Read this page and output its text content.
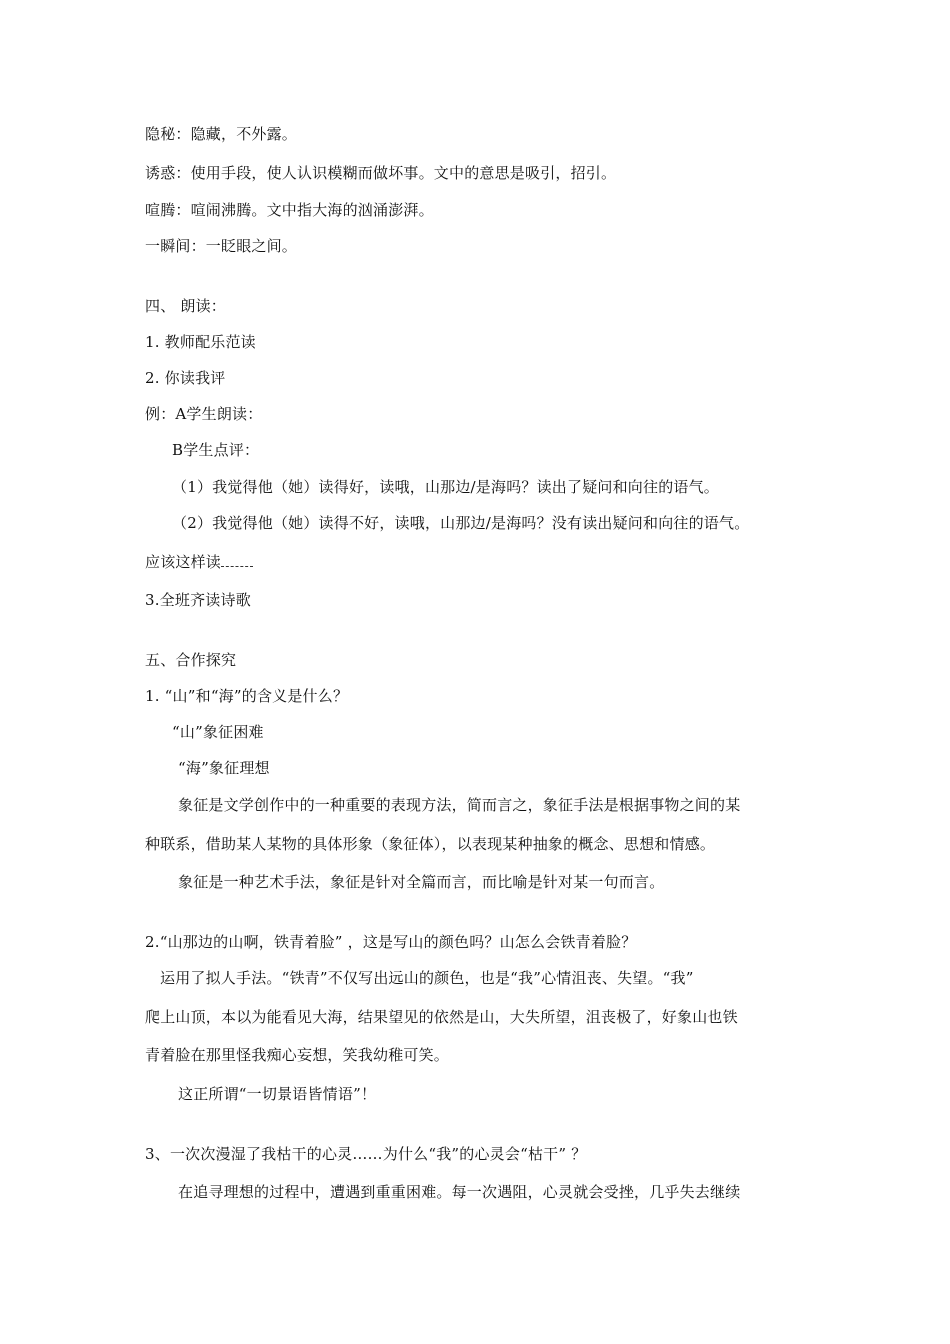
隐秘：隐藏，不外露。
诱惑：使用手段，使人认识模糊而做坏事。文中的意思是吸引，招引。
喧腾：喧闹沸腾。文中指大海的汹涌澎湃。
一瞬间：一眨眼之间。
四、 朗读：
1. 教师配乐范读
2. 你读我评
例：A学生朗读：
B学生点评：
（1）我觉得他（她）读得好，读哦，山那边/是海吗？读出了疑问和向往的语气。
（2）我觉得他（她）读得不好，读哦，山那边/是海吗？没有读出疑问和向往的语气。
应该这样读
3.全班齐读诗歌
五、合作探究
1. “山”和“海”的含义是什么？
“山”象征困难
“海”象征理想
象征是文学创作中的一种重要的表现方法，简而言之，象征手法是根据事物之间的某
种联系，借助某人某物的具体形象（象征体），以表现某种抽象的概念、思想和情感。
象征是一种艺术手法，象征是针对全篇而言，而比喻是针对某一句而言。
2.“山那边的山啊，铁青着脸” ，这是写山的颜色吗？山怎么会铁青着脸？
运用了拟人手法。“铁青”不仅写出远山的颜色，也是“我”心情沮丧、失望。“我”
爬上山顶，本以为能看见大海，结果望见的依然是山，大失所望，沮丧极了，好象山也铁
青着脸在那里怪我痴心妄想，笑我幼稚可笑。
这正所谓“一切景语皆情语”！
3、一次次漫湿了我枯干的心灵……为什么“我”的心灵会“枯干” ？
在追寻理想的过程中，遭遇到重重困难。每一次遇阻，心灵就会受挫，几乎失去继续
